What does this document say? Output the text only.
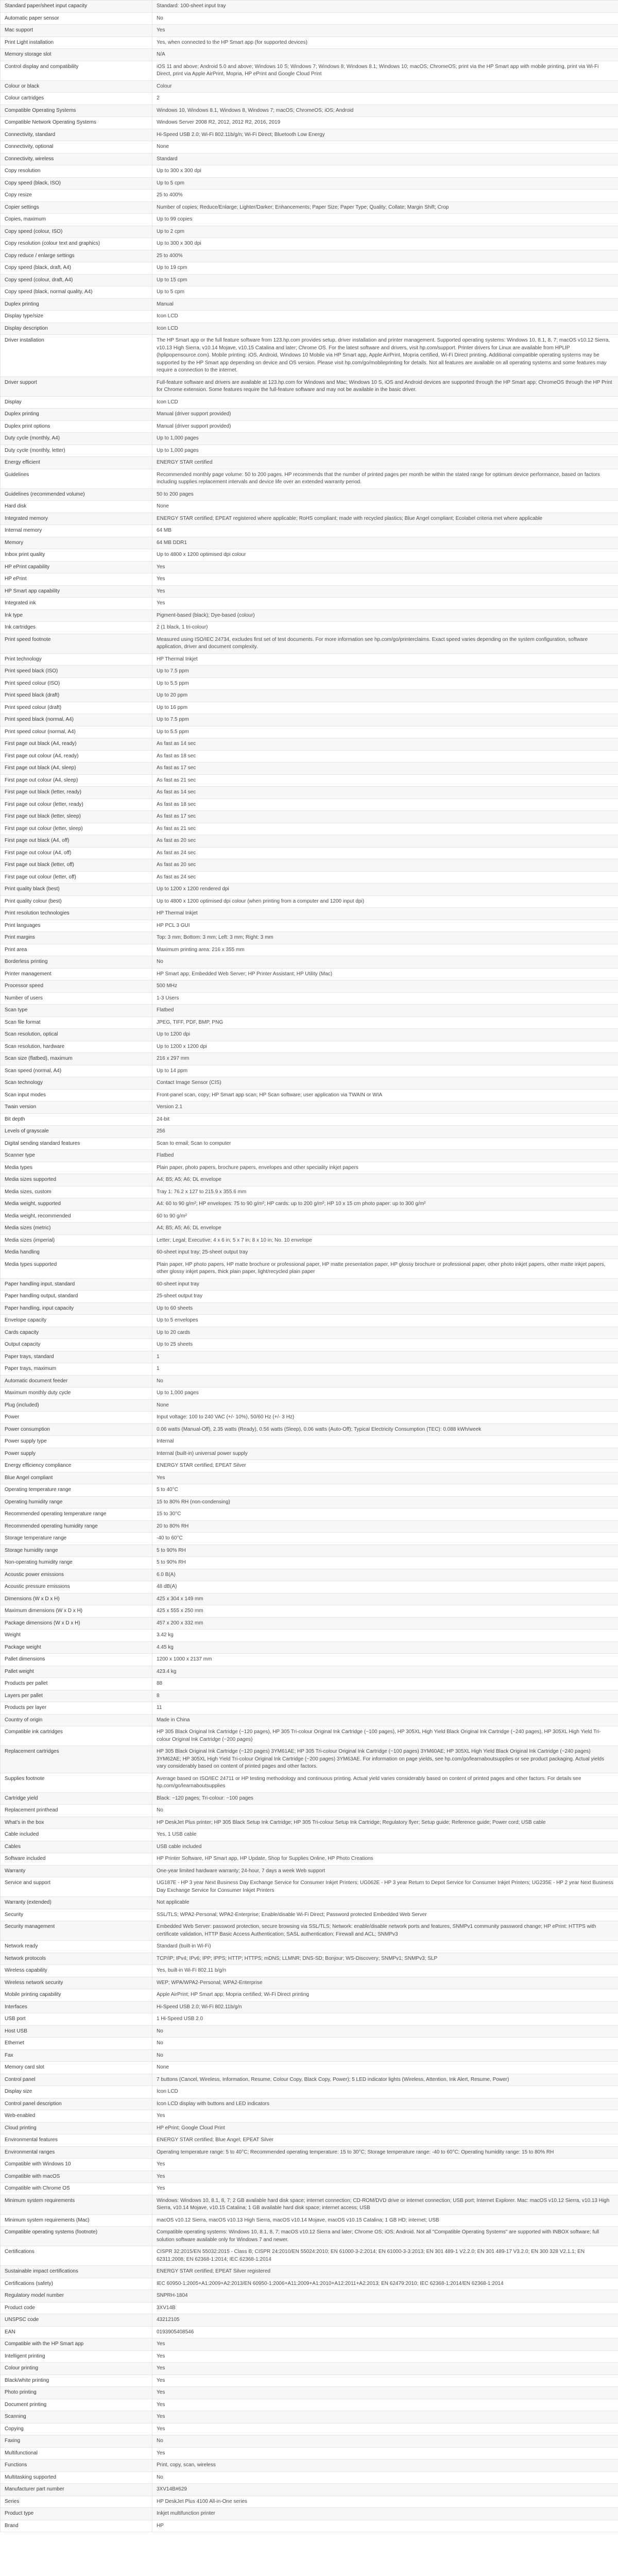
Standard paper/sheet input capacity	Standard: 100-sheet input tray
Automatic paper sensor	No
Mac support	Yes
Print Light installation	Yes, when connected to the HP Smart app (for supported devices)
Memory storage slot	N/A
Control display and compatibility	iOS 11 and above; Android 5.0 and above; Windows 10 S; Windows 7; Windows 8; Windows 8.1; Windows 10; macOS; ChromeOS; print via the HP Smart app with mobile printing, print via Wi-Fi Direct, print via Apple AirPrint, Mopria, HP ePrint and Google Cloud Print
Colour or black	Colour
Colour cartridges	2
Compatible Operating Systems	Windows 10, Windows 8.1, Windows 8, Windows 7; macOS; ChromeOS; iOS; Android
Compatible Network Operating Systems	Windows Server 2008 R2, 2012, 2012 R2, 2016, 2019
Connectivity, standard	Hi-Speed USB 2.0; Wi-Fi 802.11b/g/n; Wi-Fi Direct; Bluetooth Low Energy
Connectivity, optional	None
Connectivity, wireless	Standard
Copy resolution	Up to 300 x 300 dpi
Copy speed (black, ISO)	Up to 5 cpm
Copy resize	25 to 400%
Copier settings	Number of copies; Reduce/Enlarge; Lighter/Darker; Enhancements; Paper Size; Paper Type; Quality; Collate; Margin Shift; Crop
Copies, maximum	Up to 99 copies
Copy speed (colour, ISO)	Up to 2 cpm
Copy resolution (colour text and graphics)	Up to 300 x 300 dpi
Copy reduce / enlarge settings	25 to 400%
Copy speed (black, draft, A4)	Up to 19 cpm
Copy speed (colour, draft, A4)	Up to 15 cpm
Copy speed (black, normal quality, A4)	Up to 5 cpm
Duplex printing	Manual
Display type/size	Icon LCD
Display description	Icon LCD
Driver installation	The HP Smart app or the full feature software from 123.hp.com provides setup, driver installation and printer management. Supported operating systems: Windows 10, 8.1, 8, 7; macOS v10.12 Sierra, v10.13 High Sierra, v10.14 Mojave, v10.15 Catalina and later; Chrome OS. For the latest software and drivers, visit hp.com/support. Printer drivers for Linux are available from HPLIP (hplipopensource.com). Mobile printing: iOS, Android, Windows 10 Mobile via HP Smart app, Apple AirPrint, Mopria certified, Wi-Fi Direct printing. Additional compatible operating systems may be supported by the HP Smart app depending on device and OS version. Please visit hp.com/go/mobileprinting for details. Not all features are available on all operating systems and some features may require a connection to the internet.
Driver support	Full-feature software and drivers are available at 123.hp.com for Windows and Mac; Windows 10 S, iOS and Android devices are supported through the HP Smart app; ChromeOS through the HP Print for Chrome extension. Some features require the full-feature software and may not be available in the basic driver.
Display	Icon LCD
Duplex printing	Manual (driver support provided)
Duplex print options	Manual (driver support provided)
Duty cycle (monthly, A4)	Up to 1,000 pages
Duty cycle (monthly, letter)	Up to 1,000 pages
Energy efficient	ENERGY STAR certified
Guidelines	Recommended monthly page volume: 50 to 200 pages. HP recommends that the number of printed pages per month be within the stated range for optimum device performance, based on factors including supplies replacement intervals and device life over an extended warranty period.
Guidelines (recommended volume)	50 to 200 pages
Hard disk	None
Integrated memory	ENERGY STAR certified; EPEAT registered where applicable; RoHS compliant; made with recycled plastics; Blue Angel compliant; Ecolabel criteria met where applicable
Internal memory	64 MB
Memory	64 MB DDR1
Inbox print quality	Up to 4800 x 1200 optimised dpi colour
HP ePrint capability	Yes
HP ePrint	Yes
HP Smart app capability	Yes
Integrated ink	Yes
Ink type	Pigment-based (black); Dye-based (colour)
Ink cartridges	2 (1 black, 1 tri-colour)
Print speed footnote	Measured using ISO/IEC 24734, excludes first set of test documents. For more information see hp.com/go/printerclaims. Exact speed varies depending on the system configuration, software application, driver and document complexity.
Print technology	HP Thermal Inkjet
Print speed black (ISO)	Up to 7.5 ppm
Print speed colour (ISO)	Up to 5.5 ppm
Print speed black (draft)	Up to 20 ppm
Print speed colour (draft)	Up to 16 ppm
Print speed black (normal, A4)	Up to 7.5 ppm
Print speed colour (normal, A4)	Up to 5.5 ppm
First page out black (A4, ready)	As fast as 14 sec
First page out colour (A4, ready)	As fast as 18 sec
First page out black (A4, sleep)	As fast as 17 sec
First page out colour (A4, sleep)	As fast as 21 sec
First page out black (letter, ready)	As fast as 14 sec
First page out colour (letter, ready)	As fast as 18 sec
First page out black (letter, sleep)	As fast as 17 sec
First page out colour (letter, sleep)	As fast as 21 sec
First page out black (A4, off)	As fast as 20 sec
First page out colour (A4, off)	As fast as 24 sec
First page out black (letter, off)	As fast as 20 sec
First page out colour (letter, off)	As fast as 24 sec
Print quality black (best)	Up to 1200 x 1200 rendered dpi
Print quality colour (best)	Up to 4800 x 1200 optimised dpi colour (when printing from a computer and 1200 input dpi)
Print resolution technologies	HP Thermal Inkjet
Print languages	HP PCL 3 GUI
Print margins	Top: 3 mm; Bottom: 3 mm; Left: 3 mm; Right: 3 mm
Print area	Maximum printing area: 216 x 355 mm
Borderless printing	No
Printer management	HP Smart app; Embedded Web Server; HP Printer Assistant; HP Utility (Mac)
Processor speed	500 MHz
Number of users	1-3 Users
Scan type	Flatbed
Scan file format	JPEG, TIFF, PDF, BMP, PNG
Scan resolution, optical	Up to 1200 dpi
Scan resolution, hardware	Up to 1200 x 1200 dpi
Scan size (flatbed), maximum	216 x 297 mm
Scan speed (normal, A4)	Up to 14 ppm
Scan technology	Contact Image Sensor (CIS)
Scan input modes	Front-panel scan, copy; HP Smart app scan; HP Scan software; user application via TWAIN or WIA
Twain version	Version 2.1
Bit depth	24-bit
Levels of grayscale	256
Digital sending standard features	Scan to email; Scan to computer
Scanner type	Flatbed
Media types	Plain paper, photo papers, brochure papers, envelopes and other speciality inkjet papers
Media sizes supported	A4; B5; A5; A6; DL envelope
Media sizes, custom	Tray 1: 76.2 x 127 to 215.9 x 355.6 mm
Media weight, supported	A4: 60 to 90 g/m²; HP envelopes: 75 to 90 g/m²; HP cards: up to 200 g/m²; HP 10 x 15 cm photo paper: up to 300 g/m²
Media weight, recommended	60 to 90 g/m²
Media sizes (metric)	A4; B5; A5; A6; DL envelope
Media sizes (imperial)	Letter; Legal; Executive; 4 x 6 in; 5 x 7 in; 8 x 10 in; No. 10 envelope
Media handling	60-sheet input tray; 25-sheet output tray
Media types supported	Plain paper, HP photo papers, HP matte brochure or professional paper, HP matte presentation paper, HP glossy brochure or professional paper, other photo inkjet papers, other matte inkjet papers, other glossy inkjet papers, thick plain paper, light/recycled plain paper
Paper handling input, standard	60-sheet input tray
Paper handling output, standard	25-sheet output tray
Paper handling, input capacity	Up to 60 sheets
Envelope capacity	Up to 5 envelopes
Cards capacity	Up to 20 cards
Output capacity	Up to 25 sheets
Paper trays, standard	1
Paper trays, maximum	1
Automatic document feeder	No
Maximum monthly duty cycle	Up to 1,000 pages
Plug (included)	None
Power	Input voltage: 100 to 240 VAC (+/- 10%), 50/60 Hz (+/- 3 Hz)
Power consumption	0.06 watts (Manual-Off), 2.35 watts (Ready), 0.56 watts (Sleep), 0.06 watts (Auto-Off); Typical Electricity Consumption (TEC): 0.088 kWh/week
Power supply type	Internal
Power supply	Internal (built-in) universal power supply
Energy efficiency compliance	ENERGY STAR certified; EPEAT Silver
Blue Angel compliant	Yes
Operating temperature range	5 to 40°C
Operating humidity range	15 to 80% RH (non-condensing)
Recommended operating temperature range	15 to 30°C
Recommended operating humidity range	20 to 80% RH
Storage temperature range	-40 to 60°C
Storage humidity range	5 to 90% RH
Non-operating humidity range	5 to 90% RH
Acoustic power emissions	6.0 B(A)
Acoustic pressure emissions	48 dB(A)
Dimensions (W x D x H)	425 x 304 x 149 mm
Maximum dimensions (W x D x H)	425 x 555 x 250 mm
Package dimensions (W x D x H)	457 x 200 x 332 mm
Weight	3.42 kg
Package weight	4.45 kg
Pallet dimensions	1200 x 1000 x 2137 mm
Pallet weight	423.4 kg
Products per pallet	88
Layers per pallet	8
Products per layer	11
Country of origin	Made in China
Compatible ink cartridges	HP 305 Black Original Ink Cartridge (~120 pages), HP 305 Tri-colour Original Ink Cartridge (~100 pages), HP 305XL High Yield Black Original Ink Cartridge (~240 pages), HP 305XL High Yield Tri-colour Original Ink Cartridge (~200 pages)
Replacement cartridges	HP 305 Black Original Ink Cartridge (~120 pages) 3YM61AE; HP 305 Tri-colour Original Ink Cartridge (~100 pages) 3YM60AE; HP 305XL High Yield Black Original Ink Cartridge (~240 pages) 3YM62AE; HP 305XL High Yield Tri-colour Original Ink Cartridge (~200 pages) 3YM63AE. For information on page yields, see hp.com/go/learnaboutsupplies or see product packaging. Actual yields vary considerably based on content of printed pages and other factors.
Supplies footnote	Average based on ISO/IEC 24711 or HP testing methodology and continuous printing. Actual yield varies considerably based on content of printed pages and other factors. For details see hp.com/go/learnaboutsupplies
Cartridge yield	Black: ~120 pages; Tri-colour: ~100 pages
Replacement printhead	No
What's in the box	HP DeskJet Plus printer; HP 305 Black Setup Ink Cartridge; HP 305 Tri-colour Setup Ink Cartridge; Regulatory flyer; Setup guide; Reference guide; Power cord; USB cable
Cable included	Yes, 1 USB cable
Cables	USB cable included
Software included	HP Printer Software, HP Smart app, HP Update, Shop for Supplies Online, HP Photo Creations
Warranty	One-year limited hardware warranty; 24-hour, 7 days a week Web support
Service and support	UG187E - HP 3 year Next Business Day Exchange Service for Consumer Inkjet Printers; UG062E - HP 3 year Return to Depot Service for Consumer Inkjet Printers; UG235E - HP 2 year Next Business Day Exchange Service for Consumer Inkjet Printers
Warranty (extended)	Not applicable
Security	SSL/TLS; WPA2-Personal; WPA2-Enterprise; Enable/disable Wi-Fi Direct; Password protected Embedded Web Server
Security management	Embedded Web Server: password protection, secure browsing via SSL/TLS; Network: enable/disable network ports and features, SNMPv1 community password change; HP ePrint: HTTPS with certificate validation, HTTP Basic Access Authentication; SASL authentication; Firewall and ACL; SNMPv3
Network ready	Standard (built-in Wi-Fi)
Network protocols	TCP/IP; IPv4; IPv6; IPP; IPPS; HTTP; HTTPS; mDNS; LLMNR; DNS-SD; Bonjour; WS-Discovery; SNMPv1; SNMPv3; SLP
Wireless capability	Yes, built-in Wi-Fi 802.11 b/g/n
Wireless network security	WEP; WPA/WPA2-Personal; WPA2-Enterprise
Mobile printing capability	Apple AirPrint; HP Smart app; Mopria certified; Wi-Fi Direct printing
Interfaces	Hi-Speed USB 2.0; Wi-Fi 802.11b/g/n
USB port	1 Hi-Speed USB 2.0
Host USB	No
Ethernet	No
Fax	No
Memory card slot	None
Control panel	7 buttons (Cancel, Wireless, Information, Resume, Colour Copy, Black Copy, Power); 5 LED indicator lights (Wireless, Attention, Ink Alert, Resume, Power)
Display size	Icon LCD
Control panel description	Icon LCD display with buttons and LED indicators
Web-enabled	Yes
Cloud printing	HP ePrint; Google Cloud Print
Environmental features	ENERGY STAR certified; Blue Angel; EPEAT Silver
Environmental ranges	Operating temperature range: 5 to 40°C; Recommended operating temperature: 15 to 30°C; Storage temperature range: -40 to 60°C; Operating humidity range: 15 to 80% RH
Compatible with Windows 10	Yes
Compatible with macOS	Yes
Compatible with Chrome OS	Yes
Minimum system requirements	Windows: Windows 10, 8.1, 8, 7; 2 GB available hard disk space; internet connection; CD-ROM/DVD drive or internet connection; USB port; Internet Explorer. Mac: macOS v10.12 Sierra, v10.13 High Sierra, v10.14 Mojave, v10.15 Catalina; 1 GB available hard disk space; internet access; USB
Minimum system requirements (Mac)	macOS v10.12 Sierra, macOS v10.13 High Sierra, macOS v10.14 Mojave, macOS v10.15 Catalina; 1 GB HD; internet; USB
Compatible operating systems (footnote)	Compatible operating systems: Windows 10, 8.1, 8, 7; macOS v10.12 Sierra and later; Chrome OS; iOS; Android. Not all "Compatible Operating Systems" are supported with INBOX software; full solution software available only for Windows 7 and newer.
Certifications	CISPR 32:2015/EN 55032:2015 - Class B; CISPR 24:2010/EN 55024:2010; EN 61000-3-2:2014; EN 61000-3-3:2013; EN 301 489-1 V2.2.0; EN 301 489-17 V3.2.0; EN 300 328 V2.1.1; EN 62311:2008; EN 62368-1:2014; IEC 62368-1:2014
Sustainable impact certifications	ENERGY STAR certified; EPEAT Silver registered
Certifications (safety)	IEC 60950-1:2005+A1:2009+A2:2013/EN 60950-1:2006+A11:2009+A1:2010+A12:2011+A2:2013; EN 62479:2010; IEC 62368-1:2014/EN 62368-1:2014
Regulatory model number	SNPRH-1804
Product code	3XV14B
UNSPSC code	43212105
EAN	0193905408546
Compatible with the HP Smart app	Yes
Intelligent printing	Yes
Colour printing	Yes
Black/white printing	Yes
Photo printing	Yes
Document printing	Yes
Scanning	Yes
Copying	Yes
Faxing	No
Multifunctional	Yes
Functions	Print, copy, scan, wireless
Multitasking supported	No
Manufacturer part number	3XV14B#629
Series	HP DeskJet Plus 4100 All-in-One series
Product type	Inkjet multifunction printer
Brand	HP
